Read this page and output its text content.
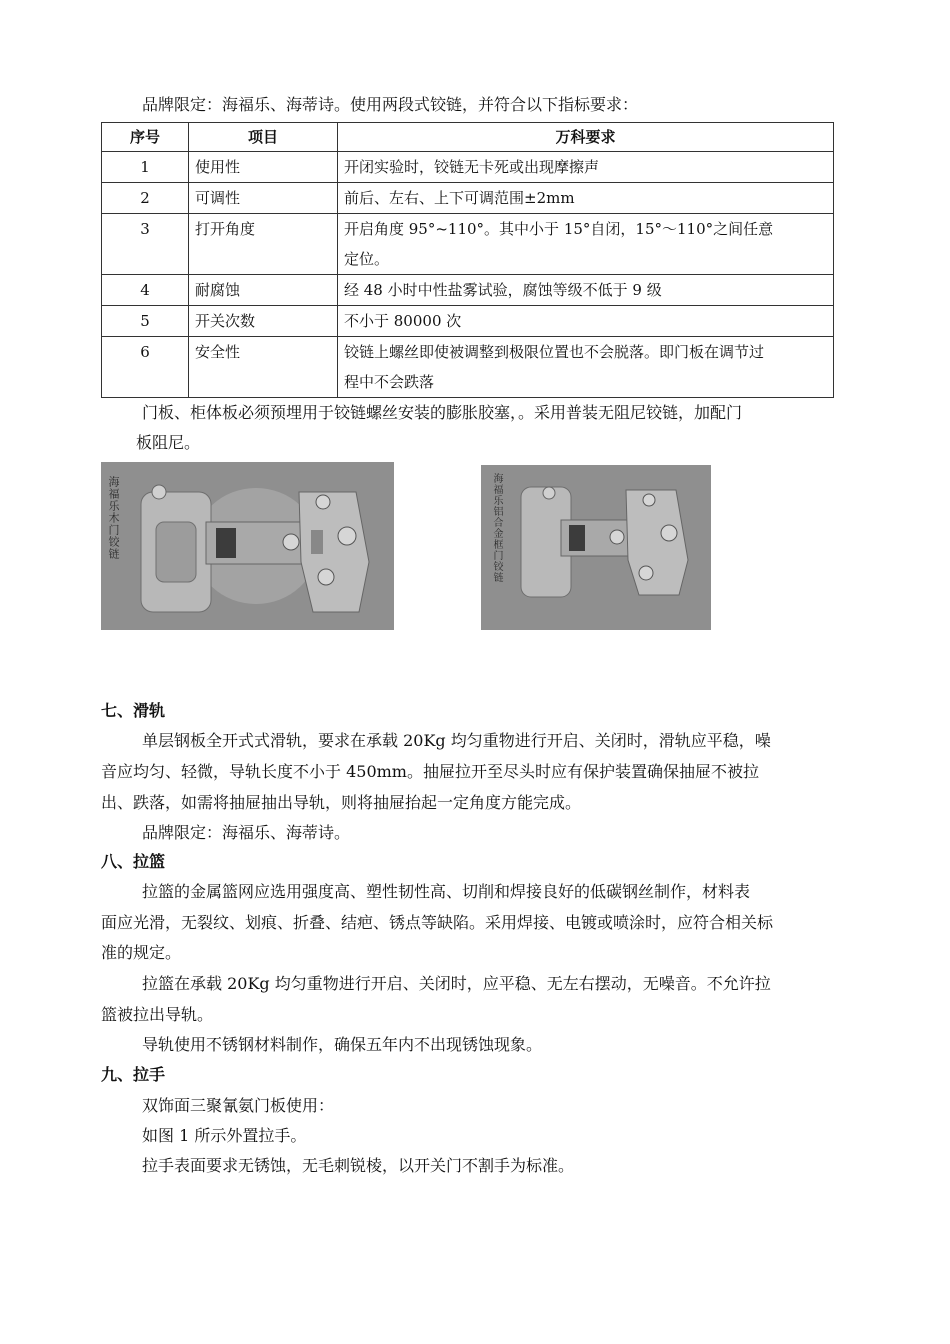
品牌限定：海福乐、海蒂诗。使用两段式铰链，并符合以下指标要求：
序号	项目	万科要求
1	使用性	开闭实验时，铰链无卡死或出现摩擦声
2	可调性	前后、左右、上下可调范围±2mm
3	打开角度	开启角度 95°~110°。其中小于 15°自闭，15°～110°之间任意
定位。

4	耐腐蚀	经 48 小时中性盐雾试验，腐蚀等级不低于 9 级
5	开关次数	不小于 80000 次
6	安全性	铰链上螺丝即使被调整到极限位置也不会脱落。即门板在调节过
程中不会跌落
门板、柜体板必须预埋用于铰链螺丝安装的膨胀胶塞，。采用普装无阻尼铰链，加配门
板阻尼。
海福乐木门铰链	海福乐铝合金框门铰链
七、滑轨
单层钢板全开式式滑轨，要求在承载 20Kg 均匀重物进行开启、关闭时，滑轨应平稳，噪
音应均匀、轻微，导轨长度不小于 450mm。抽屉拉开至尽头时应有保护装置确保抽屉不被拉
出、跌落，如需将抽屉抽出导轨，则将抽屉抬起一定角度方能完成。
品牌限定：海福乐、海蒂诗。
八、拉篮
拉篮的金属篮网应选用强度高、塑性韧性高、切削和焊接良好的低碳钢丝制作，材料表
面应光滑，无裂纹、划痕、折叠、结疤、锈点等缺陷。采用焊接、电镀或喷涂时，应符合相关标
准的规定。
拉篮在承载 20Kg 均匀重物进行开启、关闭时，应平稳、无左右摆动，无噪音。不允许拉
篮被拉出导轨。
导轨使用不锈钢材料制作，确保五年内不出现锈蚀现象。
九、拉手
双饰面三聚氰氨门板使用：
如图 1 所示外置拉手。
拉手表面要求无锈蚀，无毛刺锐棱，以开关门不割手为标准。
